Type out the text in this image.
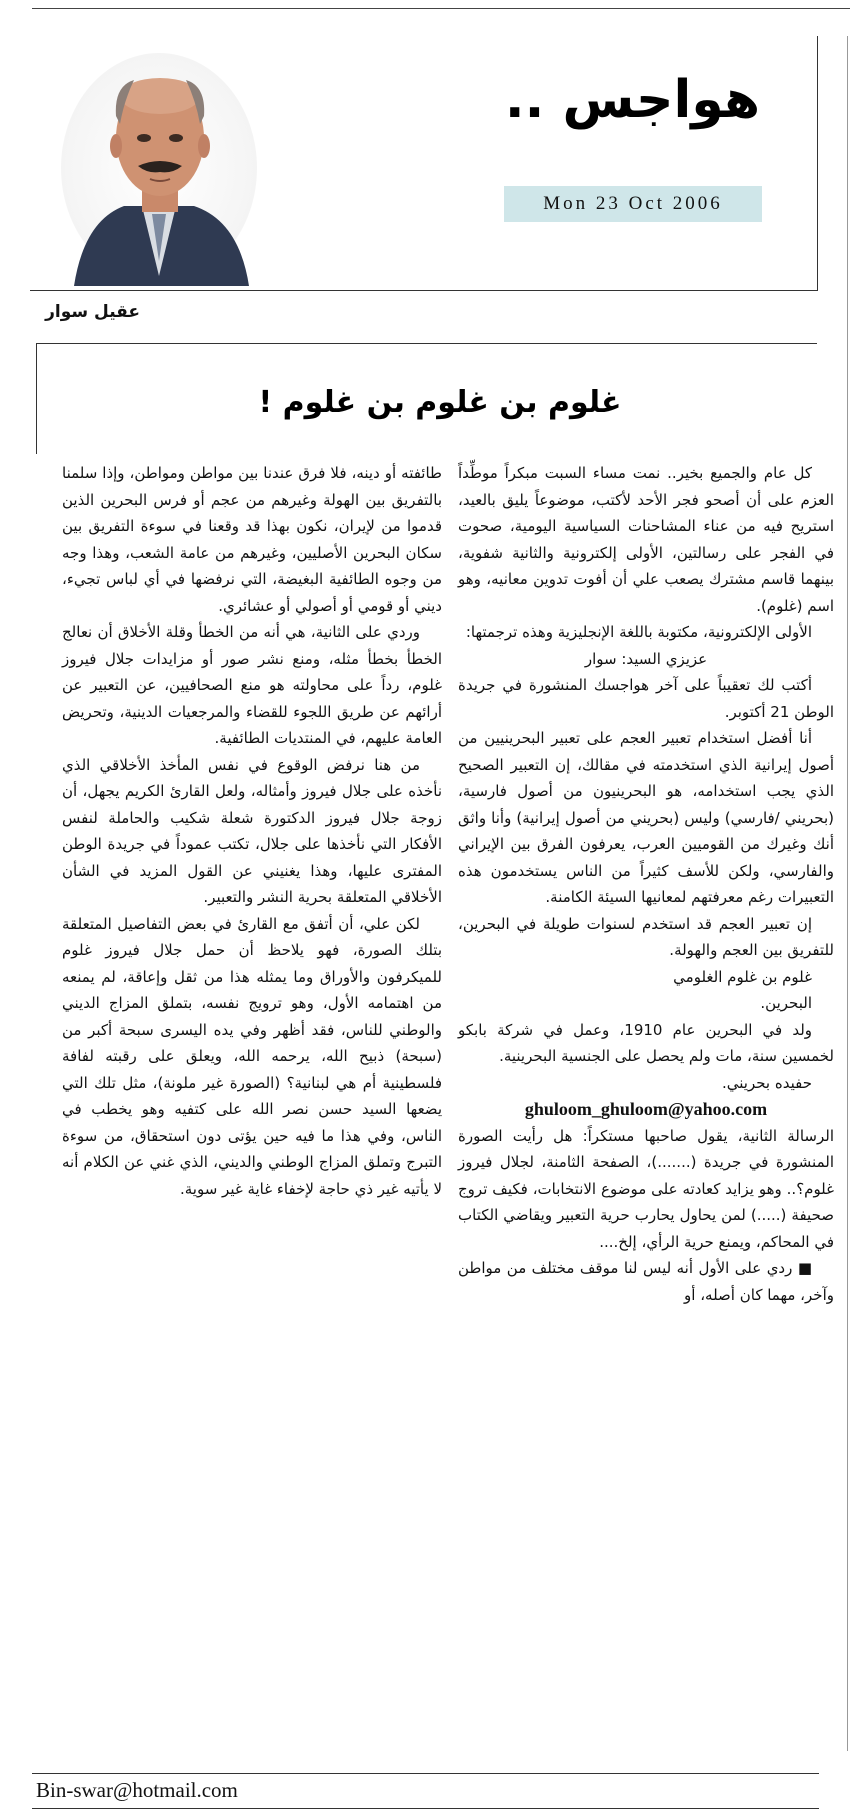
هواجس ..
Mon 23 Oct 2006
عقيل سوار
غلوم بن غلوم بن غلوم !

كل عام والجميع بخير.. نمت مساء السبت مبكراً موطِّداً العزم على أن أصحو فجر الأحد لأكتب، موضوعاً يليق بالعيد، استريح فيه من عناء المشاحنات السياسية اليومية، صحوت في الفجر على رسالتين، الأولى إلكترونية والثانية شفوية، بينهما قاسم مشترك يصعب علي أن أفوت تدوين معانيه، وهو اسم (غلوم).

الأولى الإلكترونية، مكتوبة باللغة الإنجليزية وهذه ترجمتها:

عزيزي السيد: سوار

أكتب لك تعقيباً على آخر هواجسك المنشورة في جريدة الوطن 21 أكتوبر.

أنا أفضل استخدام تعبير العجم على تعبير البحرينيين من أصول إيرانية الذي استخدمته في مقالك، إن التعبير الصحيح الذي يجب استخدامه، هو البحرينيون من أصول فارسية، (بحريني /فارسي) وليس (بحريني من أصول إيرانية) وأنا واثق أنك وغيرك من القوميين العرب، يعرفون الفرق بين الإيراني والفارسي، ولكن للأسف كثيراً من الناس يستخدمون هذه التعبيرات رغم معرفتهم لمعانيها السيئة الكامنة.

إن تعبير العجم قد استخدم لسنوات طويلة في البحرين، للتفريق بين العجم والهولة.

غلوم بن غلوم الغلومي

البحرين.

ولد في البحرين عام 1910، وعمل في شركة بابكو لخمسين سنة، مات ولم يحصل على الجنسية البحرينية.

حفيده بحريني.

ghuloom_ghuloom@yahoo.com

الرسالة الثانية، يقول صاحبها مستكراً: هل رأيت الصورة المنشورة في جريدة (.......)، الصفحة الثامنة، لجلال فيروز غلوم؟.. وهو يزايد كعادته على موضوع الانتخابات، فكيف تروج صحيفة (.....) لمن يحاول يحارب حرية التعبير ويقاضي الكتاب في المحاكم، ويمنع حرية الرأي، إلخ....

■ ردي على الأول أنه ليس لنا موقف مختلف من مواطن وآخر، مهما كان أصله، أو

طائفته أو دينه، فلا فرق عندنا بين مواطن ومواطن، وإذا سلمنا بالتفريق بين الهولة وغيرهم من عجم أو فرس البحرين الذين قدموا من لإيران، نكون بهذا قد وقعنا في سوءة التفريق بين سكان البحرين الأصليين، وغيرهم من عامة الشعب، وهذا وجه من وجوه الطائفية البغيضة، التي نرفضها في أي لباس تجيء، ديني أو قومي أو أصولي أو عشائري.

وردي على الثانية، هي أنه من الخطأ وقلة الأخلاق أن نعالج الخطأ بخطأ مثله، ومنع نشر صور أو مزايدات جلال فيروز غلوم، رداً على محاولته هو منع الصحافيين، عن التعبير عن أرائهم عن طريق اللجوء للقضاء والمرجعيات الدينية، وتحريض العامة عليهم، في المنتديات الطائفية.

من هنا نرفض الوقوع في نفس المأخذ الأخلاقي الذي نأخذه على جلال فيروز وأمثاله، ولعل القارئ الكريم يجهل، أن زوجة جلال فيروز الدكتورة شعلة شكيب والحاملة لنفس الأفكار التي نأخذها على جلال، تكتب عموداً في جريدة الوطن المفترى عليها، وهذا يغنيني عن القول المزيد في الشأن الأخلاقي المتعلقة بحرية النشر والتعبير.

لكن علي، أن أتفق مع القارئ في بعض التفاصيل المتعلقة بتلك الصورة، فهو يلاحظ أن حمل جلال فيروز غلوم للميكرفون والأوراق وما يمثله هذا من ثقل وإعاقة، لم يمنعه من اهتمامه الأول، وهو ترويج نفسه، بتملق المزاج الديني والوطني للناس، فقد أظهر وفي يده اليسرى سبحة أكبر من (سبحة) ذبيح الله، يرحمه الله، ويعلق على رقبته لفافة فلسطينية أم هي لبنانية؟ (الصورة غير ملونة)، مثل تلك التي يضعها السيد حسن نصر الله على كتفيه وهو يخطب في الناس، وفي هذا ما فيه حين يؤتى دون استحقاق، من سوءة التبرج وتملق المزاج الوطني والديني، الذي غني عن الكلام أنه لا يأتيه غير ذي حاجة لإخفاء غاية غير سوية.

Bin-swar@hotmail.com
